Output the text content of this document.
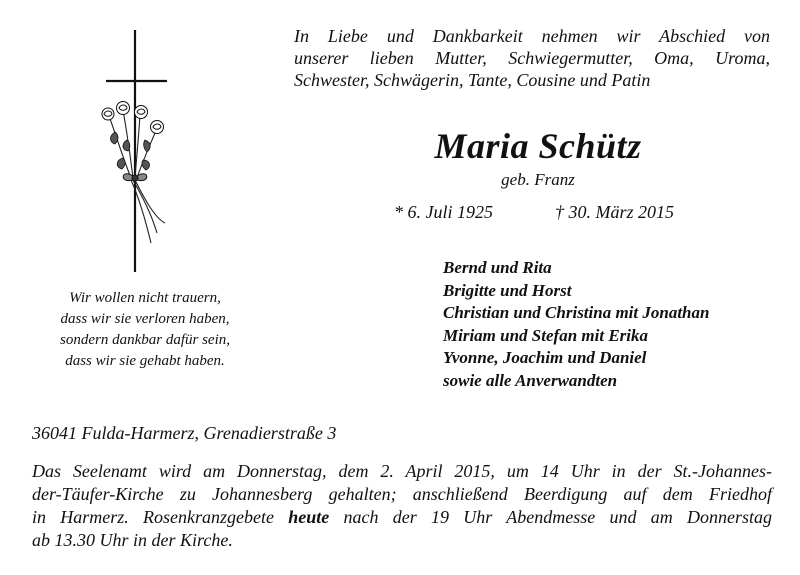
In Liebe und Dankbarkeit nehmen wir Abschied von
unserer lieben Mutter, Schwiegermutter, Oma, Uroma,
Schwester, Schwägerin, Tante, Cousine und Patin
Maria Schütz
geb. Franz
* 6. Juli 1925	† 30. März 2015
Wir wollen nicht trauern,
dass wir sie verloren haben,
sondern dankbar dafür sein,
dass wir sie gehabt haben.
Bernd und Rita
Brigitte und Horst
Christian und Christina mit Jonathan
Miriam und Stefan mit Erika
Yvonne, Joachim und Daniel
sowie alle Anverwandten
36041 Fulda-Harmerz, Grenadierstraße 3
Das Seelenamt wird am Donnerstag, dem 2. April 2015, um 14 Uhr in der St.-Johannes-
der-Täufer-Kirche zu Johannesberg gehalten; anschließend Beerdigung auf dem Friedhof
in Harmerz. Rosenkranzgebete heute nach der 19 Uhr Abendmesse und am Donnerstag
ab 13.30 Uhr in der Kirche.
